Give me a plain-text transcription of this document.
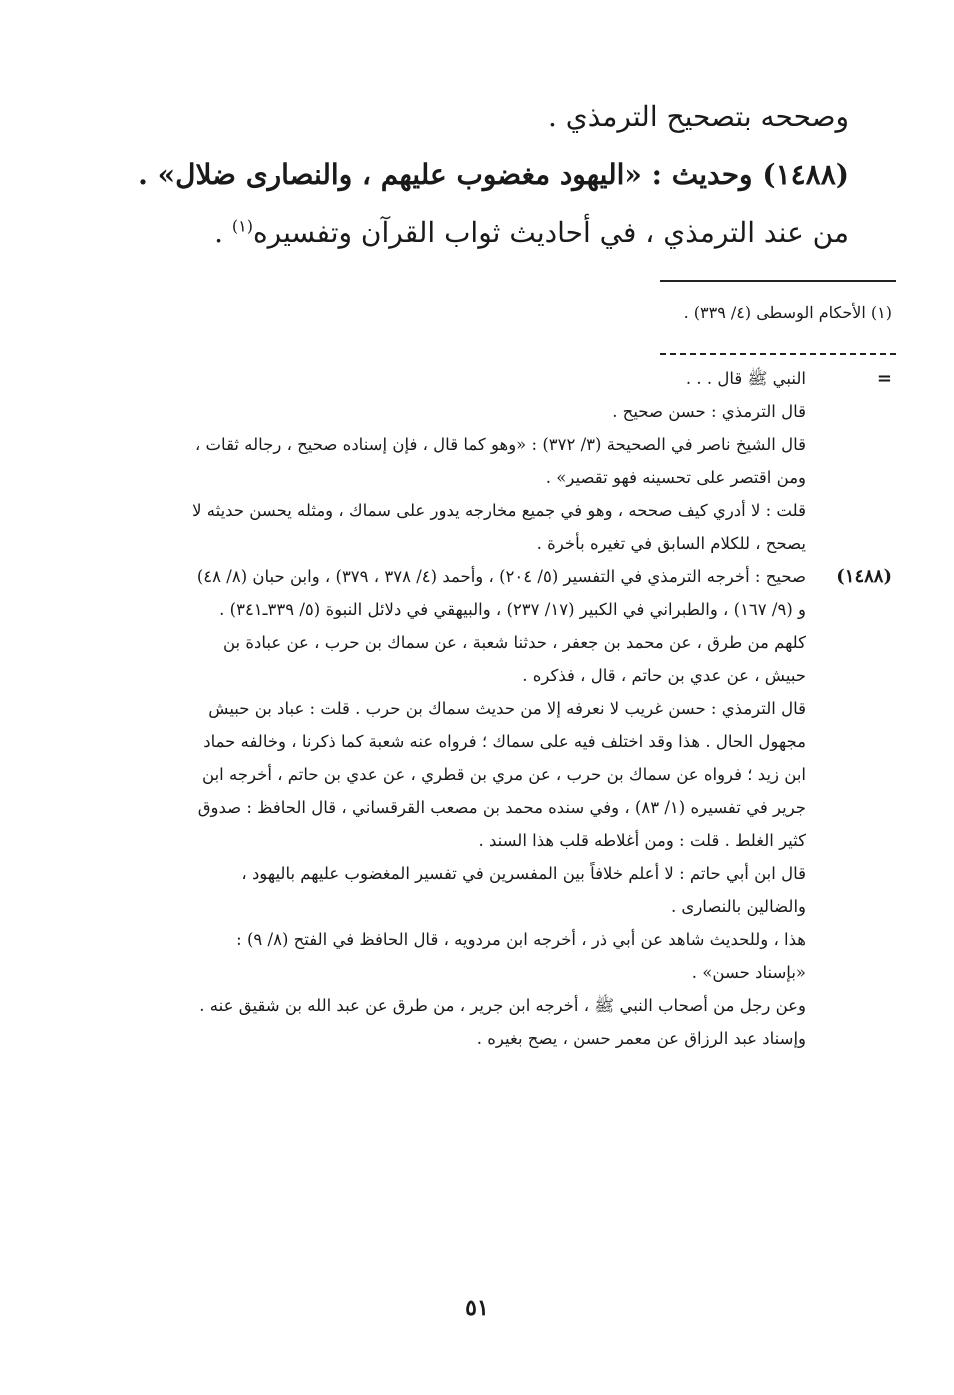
وصححه بتصحيح الترمذي .
(١٤٨٨) وحديث : «اليهود مغضوب عليهم ، والنصارى ضلال» .
من عند الترمذي ، في أحاديث ثواب القرآن وتفسيره$^{(١)}$ .
(١) الأحكام الوسطى (٤/ ٣٣٩) .
=

النبي ﷺ قال . . .

قال الترمذي : حسن صحيح .

قال الشيخ ناصر في الصحيحة (٣/ ٣٧٢) : «وهو كما قال ، فإن إسناده صحيح ، رجاله ثقات ، ومن اقتصر على تحسينه فهو تقصير» .

قلت : لا أدري كيف صححه ، وهو في جميع مخارجه يدور على سماك ، ومثله يحسن حديثه لا يصحح ، للكلام السابق في تغيره بأخرة .

(١٤٨٨)

صحيح : أخرجه الترمذي في التفسير (٥/ ٢٠٤) ، وأحمد (٤/ ٣٧٨ ، ٣٧٩) ، وابن حبان (٨/ ٤٨) و (٩/ ١٦٧) ، والطبراني في الكبير (١٧/ ٢٣٧) ، والبيهقي في دلائل النبوة (٥/ ٣٣٩ـ٣٤١) .

كلهم من طرق ، عن محمد بن جعفر ، حدثنا شعبة ، عن سماك بن حرب ، عن عبادة بن حبيش ، عن عدي بن حاتم ، قال ، فذكره .

قال الترمذي : حسن غريب لا نعرفه إلا من حديث سماك بن حرب . قلت : عباد بن حبيش مجهول الحال . هذا وقد اختلف فيه على سماك ؛ فرواه عنه شعبة كما ذكرنا ، وخالفه حماد ابن زيد ؛ فرواه عن سماك بن حرب ، عن مري بن قطري ، عن عدي بن حاتم ، أخرجه ابن جرير في تفسيره (١/ ٨٣) ، وفي سنده محمد بن مصعب القرقساني ، قال الحافظ : صدوق كثير الغلط . قلت : ومن أغلاطه قلب هذا السند .

قال ابن أبي حاتم : لا أعلم خلافاً بين المفسرين في تفسير المغضوب عليهم باليهود ، والضالين بالنصارى .

هذا ، وللحديث شاهد عن أبي ذر ، أخرجه ابن مردويه ، قال الحافظ في الفتح (٨/ ٩) : «بإسناد حسن» .

وعن رجل من أصحاب النبي ﷺ ، أخرجه ابن جرير ، من طرق عن عبد الله بن شقيق عنه .

وإسناد عبد الرزاق عن معمر حسن ، يصح بغيره .

٥١
